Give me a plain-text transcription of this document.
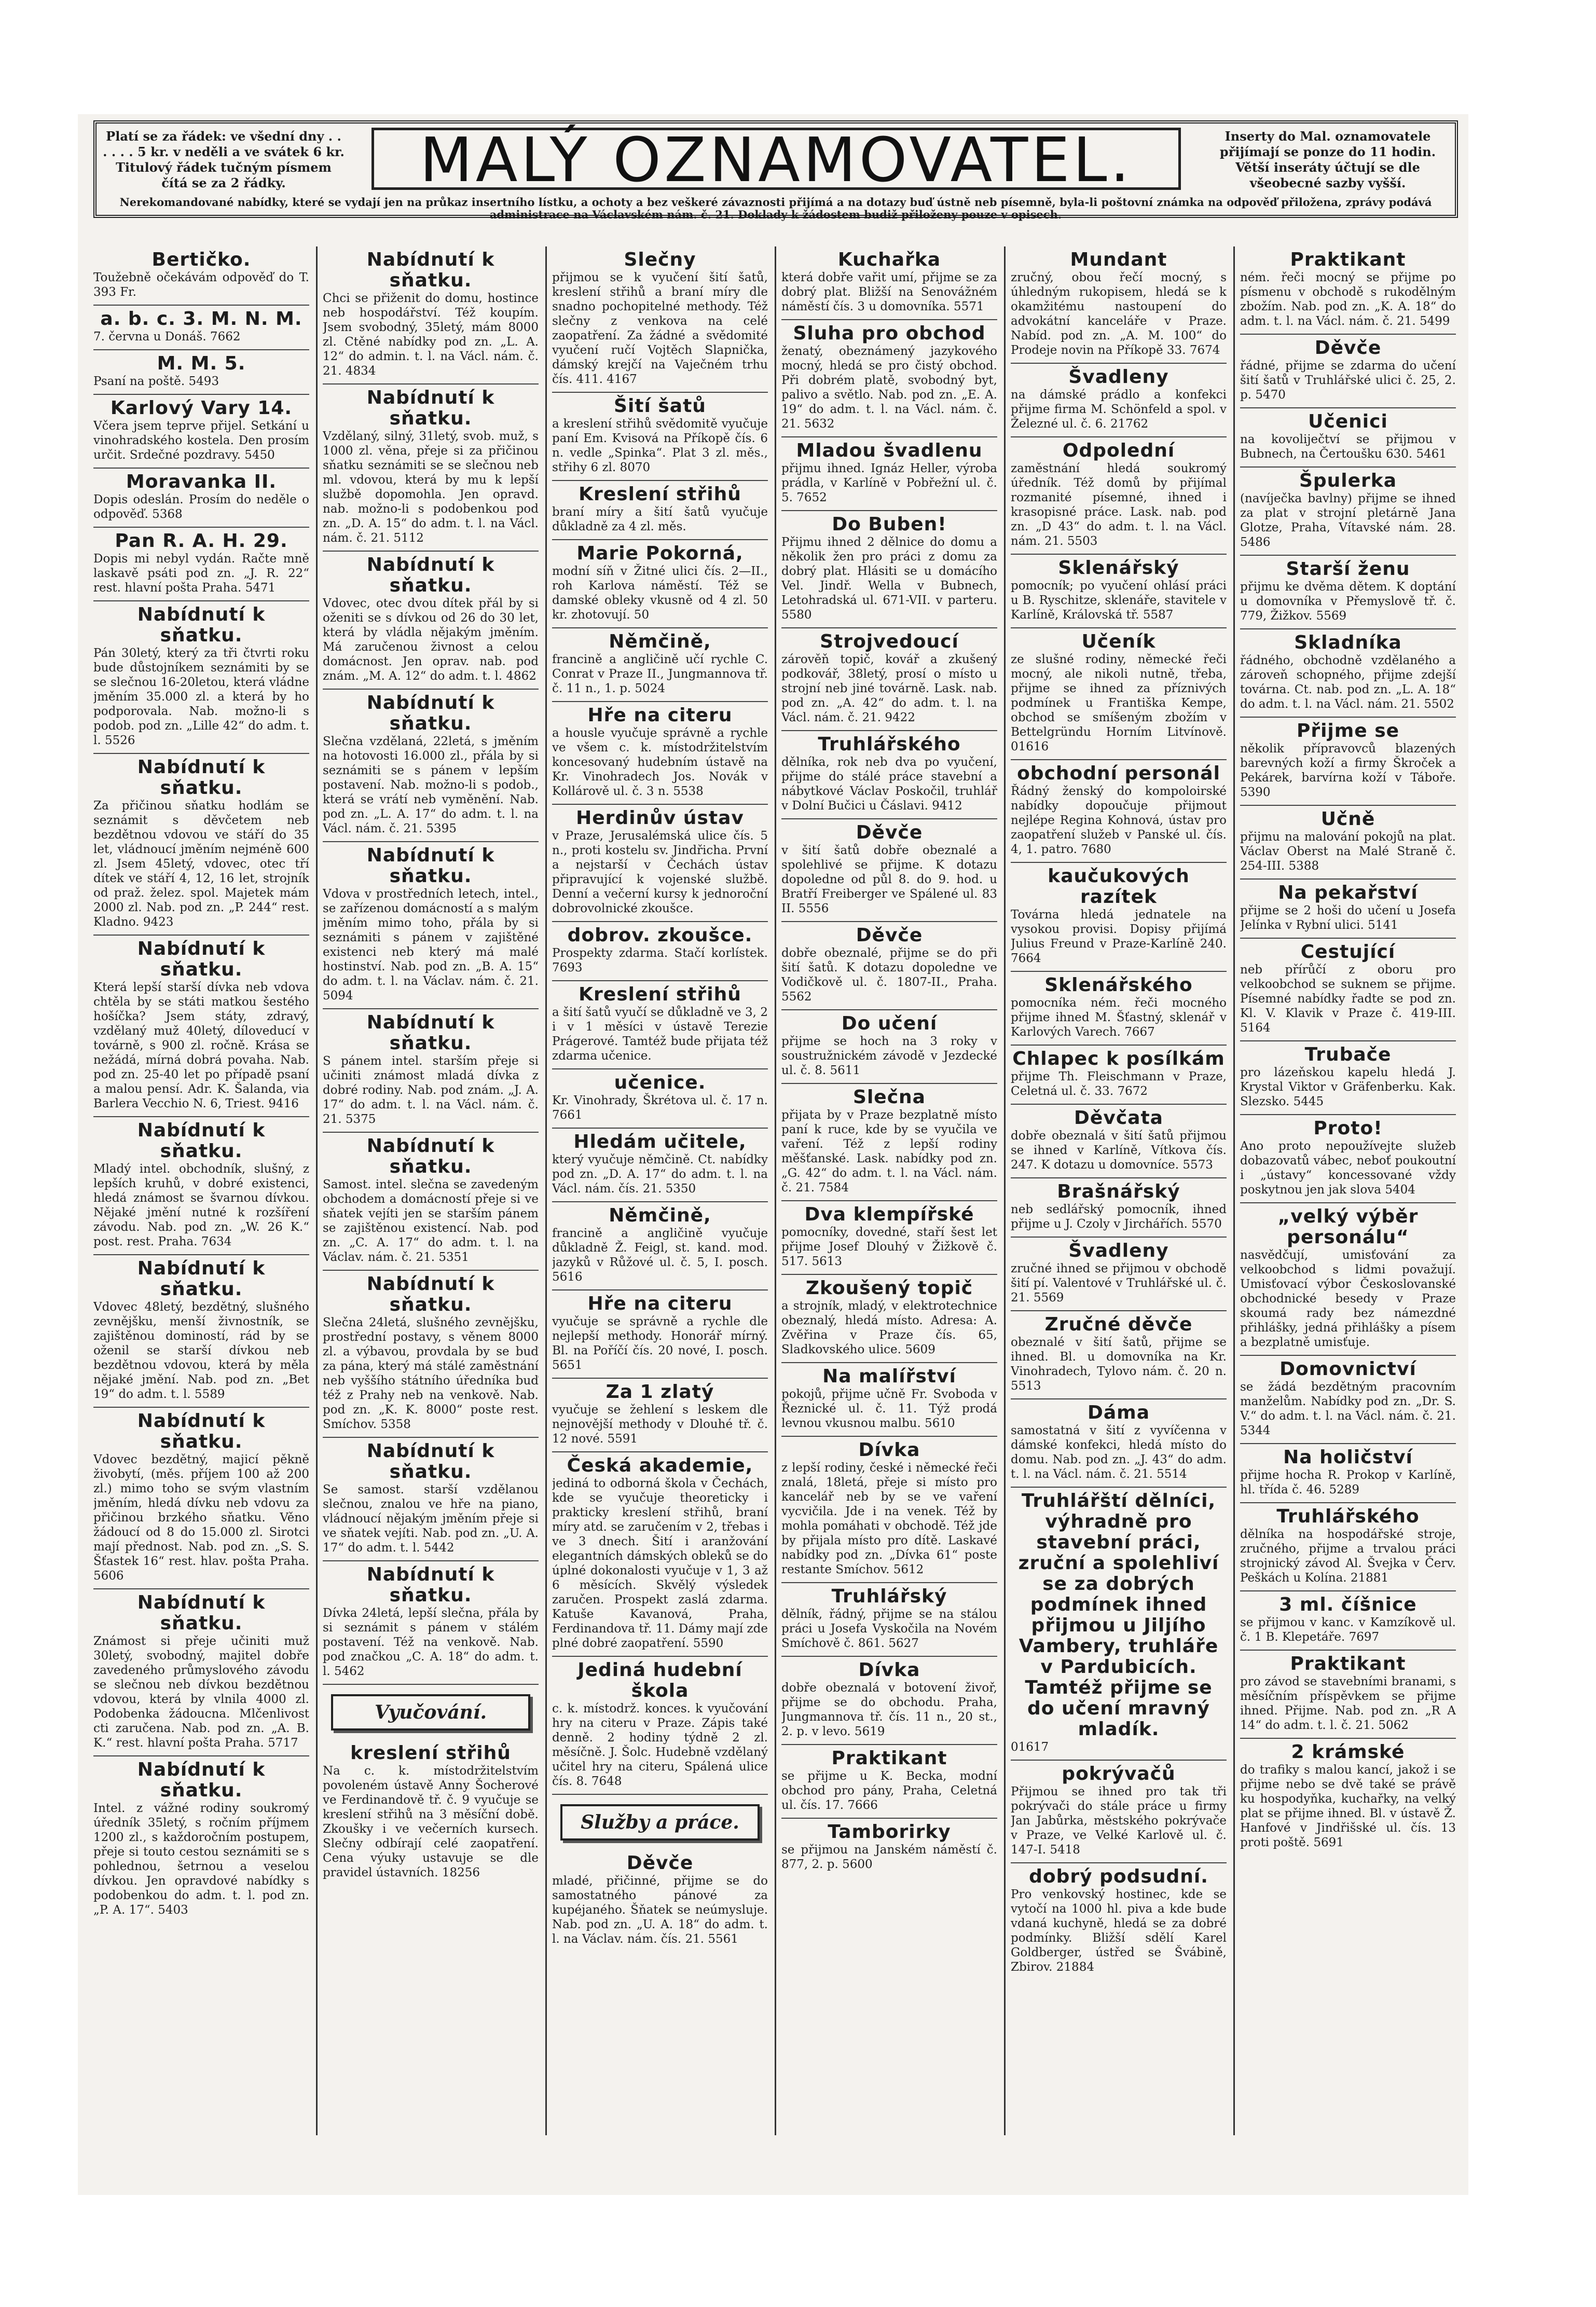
Platí se za řádek: ve všední dny . . . . . . 5 kr. v neděli a ve svátek 6 kr. Titulový řádek tučným písmem čítá se za 2 řádky.	MALÝ OZNAMOVATEL.	Inserty do Mal. oznamovatele přijímají se ponze do 11 hodin. Větší inseráty účtují se dle všeobecné sazby vyšší.
Nerekomandované nabídky, které se vydají jen na průkaz insertního lístku, a ochoty a bez veškeré závaznosti přijímá a na dotazy buď ústně neb písemně, byla-li poštovní známka na odpověď přiložena, zprávy podává administrace na Václavském nám. č. 21. Doklady k žádostem budiž přiloženy pouze v opisech.
Bertičko.
Toužebně očekávám odpověď do T. 393 Fr.
a. b. c. 3. M. N. M.
7. června u Donáš. 7662
M. M. 5.
Psaní na poště. 5493
Karlový Vary 14.
Včera jsem teprve přijel. Setkání u vinohradského kostela. Den prosím určit. Srdečné pozdravy. 5450
Moravanka II.
Dopis odeslán. Prosím do neděle o odpověď. 5368
Pan R. A. H. 29.
Dopis mi nebyl vydán. Račte mně laskavě psáti pod zn. „J. R. 22“ rest. hlavní pošta Praha. 5471
Nabídnutí k sňatku.
Pán 30letý, který za tři čtvrti roku bude důstojníkem seznámiti by se se slečnou 16-20letou, která vládne jměním 35.000 zl. a která by ho podporovala. Nab. možno-li s podob. pod zn. „Lille 42“ do adm. t. l. 5526
Nabídnutí k sňatku.
Za přičinou sňatku hodlám se seznámit s děvčetem neb bezdětnou vdovou ve stáří do 35 let, vládnoucí jměním nejméně 600 zl. Jsem 45letý, vdovec, otec tří dítek ve stáří 4, 12, 16 let, strojník od praž. želez. spol. Majetek mám 2000 zl. Nab. pod zn. „P. 244“ rest. Kladno. 9423
Nabídnutí k sňatku.
Která lepší starší dívka neb vdova chtěla by se státi matkou šestého hošíčka? Jsem státy, zdravý, vzdělaný muž 40letý, díloveducí v továrně, s 900 zl. ročně. Krása se nežádá, mírná dobrá povaha. Nab. pod zn. 25-40 let po případě psaní a malou pensí. Adr. K. Šalanda, via Barlera Vecchio N. 6, Triest. 9416
Nabídnutí k sňatku.
Mladý intel. obchodník, slušný, z lepších kruhů, v dobré existenci, hledá známost se švarnou dívkou. Nějaké jmění nutné k rozšíření závodu. Nab. pod zn. „W. 26 K.“ post. rest. Praha. 7634
Nabídnutí k sňatku.
Vdovec 48letý, bezdětný, slušného zevnějšku, menší živnostník, se zajištěnou domiností, rád by se oženil se starší dívkou neb bezdětnou vdovou, která by měla nějaké jmění. Nab. pod zn. „Bet 19“ do adm. t. l. 5589
Nabídnutí k sňatku.
Vdovec bezdětný, majicí pěkně živobytí, (měs. příjem 100 až 200 zl.) mimo toho se svým vlastním jměním, hledá dívku neb vdovu za přičinou brzkého sňatku. Věno žádoucí od 8 do 15.000 zl. Sirotci mají přednost. Nab. pod zn. „S. S. Šťastek 16“ rest. hlav. pošta Praha. 5606
Nabídnutí k sňatku.
Známost si přeje učiniti muž 30letý, svobodný, majitel dobře zavedeného průmyslového závodu se slečnou neb dívkou bezdětnou vdovou, která by vlnila 4000 zl. Podobenka žádoucna. Mlčenlivost cti zaručena. Nab. pod zn. „A. B. K.“ rest. hlavní pošta Praha. 5717
Nabídnutí k sňatku.
Intel. z vážné rodiny soukromý úředník 35letý, s ročním příjmem 1200 zl., s každoročním postupem, přeje si touto cestou seznámiti se s pohlednou, šetrnou a veselou dívkou. Jen opravdové nabídky s podobenkou do adm. t. l. pod zn. „P. A. 17“. 5403
Nabídnutí k sňatku.
Chci se přiženit do domu, hostince neb hospodářství. Též koupím. Jsem svobodný, 35letý, mám 8000 zl. Ctěné nabídky pod zn. „L. A. 12“ do admin. t. l. na Václ. nám. č. 21. 4834
Nabídnutí k sňatku.
Vzdělaný, silný, 31letý, svob. muž, s 1000 zl. věna, přeje si za přičinou sňatku seznámiti se se slečnou neb ml. vdovou, která by mu k lepší službě dopomohla. Jen opravd. nab. možno-li s podobenkou pod zn. „D. A. 15“ do adm. t. l. na Václ. nám. č. 21. 5112
Nabídnutí k sňatku.
Vdovec, otec dvou dítek přál by si oženiti se s dívkou od 26 do 30 let, která by vládla nějakým jměním. Má zaručenou živnost a celou domácnost. Jen oprav. nab. pod znám. „M. A. 12“ do adm. t. l. 4862
Nabídnutí k sňatku.
Slečna vzdělaná, 22letá, s jměním na hotovosti 16.000 zl., přála by si seznámiti se s pánem v lepším postavení. Nab. možno-li s podob., která se vrátí neb vyměnění. Nab. pod zn. „L. A. 17“ do adm. t. l. na Václ. nám. č. 21. 5395
Nabídnutí k sňatku.
Vdova v prostředních letech, intel., se zařízenou domácností a s malým jměním mimo toho, přála by si seznámiti s pánem v zajištěné existenci neb který má malé hostinství. Nab. pod zn. „B. A. 15“ do adm. t. l. na Václav. nám. č. 21. 5094
Nabídnutí k sňatku.
S pánem intel. starším přeje si učiniti známost mladá dívka z dobré rodiny. Nab. pod znám. „J. A. 17“ do adm. t. l. na Václ. nám. č. 21. 5375
Nabídnutí k sňatku.
Samost. intel. slečna se zavedeným obchodem a domácností přeje si ve sňatek vejíti jen se starším pánem se zajištěnou existencí. Nab. pod zn. „C. A. 17“ do adm. t. l. na Václav. nám. č. 21. 5351
Nabídnutí k sňatku.
Slečna 24letá, slušného zevnějšku, prostřední postavy, s věnem 8000 zl. a výbavou, provdala by se buď za pána, který má stálé zaměstnání neb vyššího státního úředníka buď též z Prahy neb na venkově. Nab. pod zn. „K. K. 8000“ poste rest. Smíchov. 5358
Nabídnutí k sňatku.
Se samost. starší vzdělanou slečnou, znalou ve hře na piano, vládnoucí nějakým jměním přeje si ve sňatek vejíti. Nab. pod zn. „U. A. 17“ do adm. t. l. 5442
Nabídnutí k sňatku.
Dívka 24letá, lepší slečna, přála by si seznámit s pánem v stálém postavení. Též na venkově. Nab. pod značkou „C. A. 18“ do adm. t. l. 5462
Vyučování.
kreslení střihů
Na c. k. místodržitelstvím povoleném ústavě Anny Šocherové ve Ferdinandově tř. č. 9 vyučuje se kreslení střihů na 3 měsíční době. Zkoušky i ve večerních kursech. Slečny odbírají celé zaopatření. Cena výuky ustavuje se dle pravidel ústavních. 18256
Slečny
přijmou se k vyučení šití šatů, kreslení střihů a braní míry dle snadno pochopitelné methody. Též slečny z venkova na celé zaopatření. Za žádné a svědomité vyučení ručí Vojtěch Slapnička, dámský krejčí na Vaječném trhu čís. 411. 4167
Šití šatů
a kreslení střihů svědomitě vyučuje paní Em. Kvisová na Příkopě čís. 6 n. vedle „Spinka“. Plat 3 zl. měs., střihy 6 zl. 8070
Kreslení střihů
braní míry a šití šatů vyučuje důkladně za 4 zl. měs.
Marie Pokorná,
modní síň v Žitné ulici čís. 2—II., roh Karlova náměstí. Též se damské obleky vkusně od 4 zl. 50 kr. zhotovují. 50
Němčině,
francině a angličině učí rychle C. Conrat v Praze II., Jungmannova tř. č. 11 n., 1. p. 5024
Hře na citeru
a housle vyučuje správně a rychle ve všem c. k. místodržitelstvím koncesovaný hudebním ústavě na Kr. Vinohradech Jos. Novák v Kollárově ul. č. 3 n. 5538
Herdinův ústav
v Praze, Jerusalémská ulice čís. 5 n., proti kostelu sv. Jindřicha. První a nejstarší v Čechách ústav připravující k vojenské službě. Denní a večerní kursy k jednoroční dobrovolnické zkoušce.
dobrov. zkoušce.
Prospekty zdarma. Stačí korlístek. 7693
Kreslení střihů
a šití šatů vyučí se důkladně ve 3, 2 i v 1 měsíci v ústavě Terezie Prágerové. Tamtéž bude přijata též zdarma učenice.
učenice.
Kr. Vinohrady, Škrétova ul. č. 17 n. 7661
Hledám učitele,
který vyučuje němčině. Ct. nabídky pod zn. „D. A. 17“ do adm. t. l. na Václ. nám. čís. 21. 5350
Němčině,
francině a angličině vyučuje důkladně Ž. Feigl, st. kand. mod. jazyků v Růžové ul. č. 5, I. posch. 5616
Hře na citeru
vyučuje se správně a rychle dle nejlepší methody. Honorář mírný. Bl. na Poříčí čís. 20 nové, I. posch. 5651
Za 1 zlatý
vyučuje se žehlení s leskem dle nejnovější methody v Dlouhé tř. č. 12 nové. 5591
Česká akademie,
jediná to odborná škola v Čechách, kde se vyučuje theoreticky i prakticky kreslení střihů, braní míry atd. se zaručením v 2, třebas i ve 3 dnech. Šití i aranžování elegantních dámských obleků se do úplné dokonalosti vyučuje v 1, 3 až 6 měsících. Skvělý výsledek zaručen. Prospekt zaslá zdarma. Katuše Kavanová, Praha, Ferdinandova tř. 11. Dámy mají zde plné dobré zaopatření. 5590
Jediná hudební škola
c. k. místodrž. konces. k vyučování hry na citeru v Praze. Zápis také denně. 2 hodiny týdně 2 zl. měsíčně. J. Šolc. Hudebně vzdělaný učitel hry na citeru, Spálená ulice čís. 8. 7648
Služby a práce.
Děvče
mladé, přičinné, přijme se do samostatného pánové za kupéjaného. Šňatek se neúmysluje. Nab. pod zn. „U. A. 18“ do adm. t. l. na Václav. nám. čís. 21. 5561
Kuchařka
která dobře vařit umí, přijme se za dobrý plat. Bližší na Senovážném náměstí čís. 3 u domovníka. 5571
Sluha pro obchod
ženatý, obeznámený jazykového mocný, hledá se pro čistý obchod. Při dobrém platě, svobodný byt, palivo a světlo. Nab. pod zn. „E. A. 19“ do adm. t. l. na Václ. nám. č. 21. 5632
Mladou švadlenu
přijmu ihned. Ignáz Heller, výroba prádla, v Karlíně v Pobřežní ul. č. 5. 7652
Do Buben!
Přijmu ihned 2 dělnice do domu a několik žen pro práci z domu za dobrý plat. Hlásiti se u domácího Vel. Jindř. Wella v Bubnech, Letohradská ul. 671-VII. v parteru. 5580
Strojvedoucí
zárověň topič, kovář a zkušený podkovář, 38letý, prosí o místo u strojní neb jiné továrně. Lask. nab. pod zn. „A. 42“ do adm. t. l. na Václ. nám. č. 21. 9422
Truhlářského
dělníka, rok neb dva po vyučení, přijme do stálé práce stavební a nábytkové Václav Poskočil, truhlář v Dolní Bučici u Čáslavi. 9412
Děvče
v šití šatů dobře obeznalé a spolehlivé se přijme. K dotazu dopoledne od půl 8. do 9. hod. u Bratří Freiberger ve Spálené ul. 83 II. 5556
Děvče
dobře obeznalé, přijme se do při šití šatů. K dotazu dopoledne ve Vodičkově ul. č. 1807-II., Praha. 5562
Do učení
přijme se hoch na 3 roky v soustružnickém závodě v Jezdecké ul. č. 8. 5611
Slečna
přijata by v Praze bezplatně místo paní k ruce, kde by se vyučila ve vaření. Též z lepší rodiny měšťanské. Lask. nabídky pod zn. „G. 42“ do adm. t. l. na Václ. nám. č. 21. 7584
Dva klempířské
pomocníky, dovedné, staří šest let přijme Josef Dlouhý v Žižkově č. 517. 5613
Zkoušený topič
a strojník, mladý, v elektrotechnice obeznalý, hledá místo. Adresa: A. Zvěřina v Praze čís. 65, Sladkovského ulice. 5609
Na malířství
pokojů, přijme učně Fr. Svoboda v Řeznické ul. č. 11. Týž prodá levnou vkusnou malbu. 5610
Dívka
z lepší rodiny, české i německé řeči znalá, 18letá, přeje si místo pro kancelář neb by se ve vaření vycvičila. Jde i na venek. Též by mohla pomáhati v obchodě. Též jde by přijala místo pro dítě. Laskavé nabídky pod zn. „Dívka 61“ poste restante Smíchov. 5612
Truhlářský
dělník, řádný, přijme se na stálou práci u Josefa Vyskočila na Novém Smíchově č. 861. 5627
Dívka
dobře obeznalá v botovení živoř, přijme se do obchodu. Praha, Jungmannova tř. čís. 11 n., 20 st., 2. p. v levo. 5619
Praktikant
se přijme u K. Becka, modní obchod pro pány, Praha, Celetná ul. čís. 17. 7666
Tamborirky
se přijmou na Janském náměstí č. 877, 2. p. 5600
Mundant
zručný, obou řečí mocný, s úhledným rukopisem, hledá se k okamžitému nastoupení do advokátní kanceláře v Praze. Nabíd. pod zn. „A. M. 100“ do Prodeje novin na Příkopě 33. 7674
Švadleny
na dámské prádlo a konfekci přijme firma M. Schönfeld a spol. v Železné ul. č. 6. 21762
Odpolední
zaměstnání hledá soukromý úředník. Též domů by přijímal rozmanité písemné, ihned i krasopisné práce. Lask. nab. pod zn. „D 43“ do adm. t. l. na Václ. nám. 21. 5503
Sklenářský
pomocník; po vyučení ohlásí práci u B. Ryschitze, sklenáře, stavitele v Karlíně, Královská tř. 5587
Učeník
ze slušné rodiny, německé řeči mocný, ale nikoli nutně, třeba, přijme se ihned za příznivých podmínek u Františka Kempe, obchod se smíšeným zbožím v Bettelgründu Horním Litvínově. 01616
obchodní personál
Řádný ženský do kompoloirské nabídky dopoučuje přijmout nejlépe Regina Kohnová, ústav pro zaopatření služeb v Panské ul. čís. 4, 1. patro. 7680
kaučukových razítek
Továrna hledá jednatele na vysokou provisi. Dopisy přijímá Julius Freund v Praze-Karlíně 240. 7664
Sklenářského
pomocníka ném. řeči mocného přijme ihned M. Šťastný, sklenář v Karlových Varech. 7667
Chlapec k posílkám
přijme Th. Fleischmann v Praze, Celetná ul. č. 33. 7672
Děvčata
dobře obeznalá v šití šatů přijmou se ihned v Karlíně, Vítkova čís. 247. K dotazu u domovníce. 5573
Brašnářský
neb sedlářský pomocník, ihned přijme u J. Czoly v Jirchářích. 5570
Švadleny
zručné ihned se přijmou v obchodě šití pí. Valentové v Truhlářské ul. č. 21. 5569
Zručné děvče
obeznalé v šití šatů, přijme se ihned. Bl. u domovníka na Kr. Vinohradech, Tylovo nám. č. 20 n. 5513
Dáma
samostatná v šití z vyvíčenna v dámské konfekci, hledá místo do domu. Nab. pod zn. „J. 43“ do adm. t. l. na Václ. nám. č. 21. 5514
Truhlářští dělníci, výhradně pro stavební práci, zruční a spolehliví se za dobrých podmínek ihned přijmou u Jiljího Vambery, truhláře v Pardubicích. Tamtéž přijme se do učení mravný mladík.
01617
pokrývačů
Přijmou se ihned pro tak tři pokrývači do stále práce u firmy Jan Jabůrka, městského pokrývače v Praze, ve Velké Karlově ul. č. 147-I. 5418
dobrý podsudní.
Pro venkovský hostinec, kde se vytočí na 1000 hl. piva a kde bude vdaná kuchyně, hledá se za dobré podmínky. Bližší sdělí Karel Goldberger, ústřed se Švábině, Zbirov. 21884
Praktikant
ném. řeči mocný se přijme po písmenu v obchodě s rukodělným zbožím. Nab. pod zn. „K. A. 18“ do adm. t. l. na Václ. nám. č. 21. 5499
Děvče
řádné, přijme se zdarma do učení šití šatů v Truhlářské ulici č. 25, 2. p. 5470
Učenici
na kovoliječtví se přijmou v Bubnech, na Čertoušku 630. 5461
Špulerka
(navíječka bavlny) přijme se ihned za plat v strojní pletárně Jana Glotze, Praha, Vítavské nám. 28. 5486
Starší ženu
přijmu ke dvěma dětem. K doptání u domovníka v Přemyslově tř. č. 779, Žižkov. 5569
Skladníka
řádného, obchodně vzdělaného a zároveň schopného, přijme zdejší továrna. Ct. nab. pod zn. „L. A. 18“ do adm. t. l. na Václ. nám. 21. 5502
Přijme se
několik přípravovců blazených barevných koží a firmy Škroček a Pekárek, barvírna koží v Táboře. 5390
Učně
přijmu na malování pokojů na plat. Václav Oberst na Malé Straně č. 254-III. 5388
Na pekařství
přijme se 2 hoši do učení u Josefa Jelínka v Rybní ulici. 5141
Cestující
neb přírůčí z oboru pro velkoobchod se suknem se přijme. Písemné nabídky řadte se pod zn. Kl. V. Klavik v Praze č. 419-III. 5164
Trubače
pro lázeňskou kapelu hledá J. Krystal Viktor v Gräfenberku. Kak. Slezsko. 5445
Proto!
Ano proto nepoužívejte služeb dobazovatů vábec, neboť poukoutní i „ústavy“ koncessované vždy poskytnou jen jak slova 5404
„velký výběr personálu“
nasvědčují, umisťování za velkoobchod s lidmi považují. Umisťovací výbor Českoslovanské obchodnické besedy v Praze skoumá rady bez námezdné přihlášky, jedná přihlášky a písem a bezplatně umisťuje.
Domovnictví
se žádá bezdětným pracovním manželům. Nabídky pod zn. „Dr. S. V.“ do adm. t. l. na Václ. nám. č. 21. 5344
Na holičství
přijme hocha R. Prokop v Karlíně, hl. třída č. 46. 5289
Truhlářského
dělníka na hospodářské stroje, zručného, přijme a trvalou práci strojnický závod Al. Švejka v Červ. Peškách u Kolína. 21881
3 ml. číšnice
se přijmou v kanc. v Kamzíkově ul. č. 1 B. Klepetáře. 7697
Praktikant
pro závod se stavebními branami, s měsíčním příspěvkem se přijme ihned. Přijme. Nab. pod zn. „R A 14“ do adm. t. l. č. 21. 5062
2 krámské
do trafiky s malou kancí, jakož i se přijme nebo se dvě také se právě ku hospodyňka, kuchařky, na velký plat se přijme ihned. Bl. v ústavě Ž. Hanfové v Jindřišské ul. čís. 13 proti poště. 5691
